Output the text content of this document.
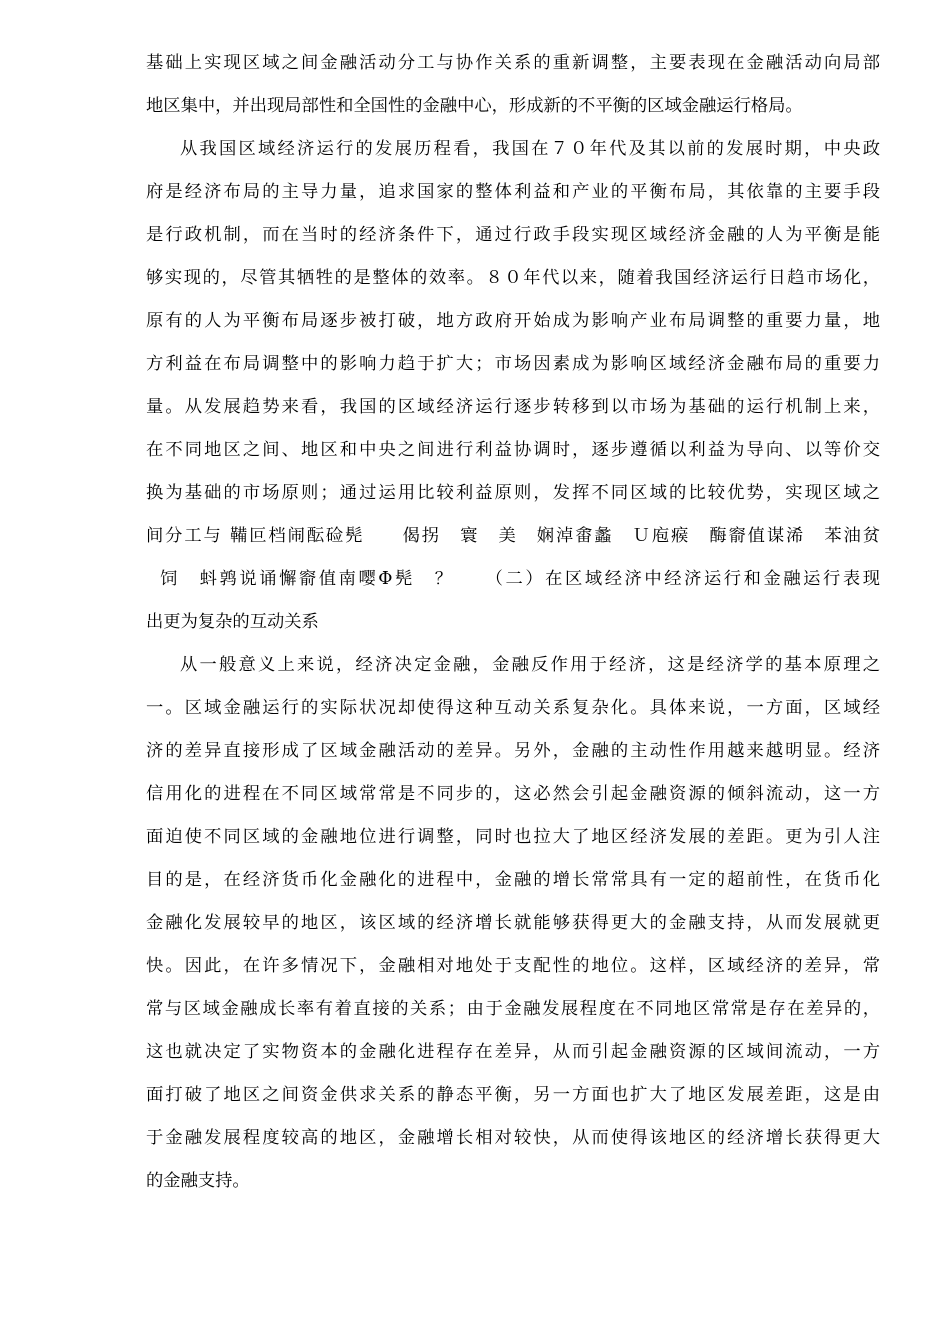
基础上实现区域之间金融活动分工与协作关系的重新调整，主要表现在金融活动向局部
地区集中，并出现局部性和全国性的金融中心，形成新的不平衡的区域金融运行格局。
从我国区域经济运行的发展历程看，我国在７０年代及其以前的发展时期，中央政
府是经济布局的主导力量，追求国家的整体利益和产业的平衡布局，其依靠的主要手段
是行政机制，而在当时的经济条件下，通过行政手段实现区域经济金融的人为平衡是能
够实现的，尽管其牺牲的是整体的效率。８０年代以来，随着我国经济运行日趋市场化，
原有的人为平衡布局逐步被打破，地方政府开始成为影响产业布局调整的重要力量，地
方利益在布局调整中的影响力趋于扩大；市场因素成为影响区域经济金融布局的重要力
量。从发展趋势来看，我国的区域经济运行逐步转移到以市场为基础的运行机制上来，
在不同地区之间、地区和中央之间进行利益协调时，逐步遵循以利益为导向、以等价交
换为基础的市场原则；通过运用比较利益原则，发挥不同区域的比较优势，实现区域之
间分工与 鞴叵档闹酝硷髡　　偈拐　寰　美　娴淖畬蠡　Ｕ庖瘊　酶窬值谋浠　苯油贫
饲　蚪鹑说诵懈窬值南嘤Φ髡　？　　（二）在区域经济中经济运行和金融运行表现
出更为复杂的互动关系
从一般意义上来说，经济决定金融，金融反作用于经济，这是经济学的基本原理之
一。区域金融运行的实际状况却使得这种互动关系复杂化。具体来说，一方面，区域经
济的差异直接形成了区域金融活动的差异。另外，金融的主动性作用越来越明显。经济
信用化的进程在不同区域常常是不同步的，这必然会引起金融资源的倾斜流动，这一方
面迫使不同区域的金融地位进行调整，同时也拉大了地区经济发展的差距。更为引人注
目的是，在经济货币化金融化的进程中，金融的增长常常具有一定的超前性，在货币化
金融化发展较早的地区，该区域的经济增长就能够获得更大的金融支持，从而发展就更
快。因此，在许多情况下，金融相对地处于支配性的地位。这样，区域经济的差异，常
常与区域金融成长率有着直接的关系；由于金融发展程度在不同地区常常是存在差异的，
这也就决定了实物资本的金融化进程存在差异，从而引起金融资源的区域间流动，一方
面打破了地区之间资金供求关系的静态平衡，另一方面也扩大了地区发展差距，这是由
于金融发展程度较高的地区，金融增长相对较快，从而使得该地区的经济增长获得更大
的金融支持。
